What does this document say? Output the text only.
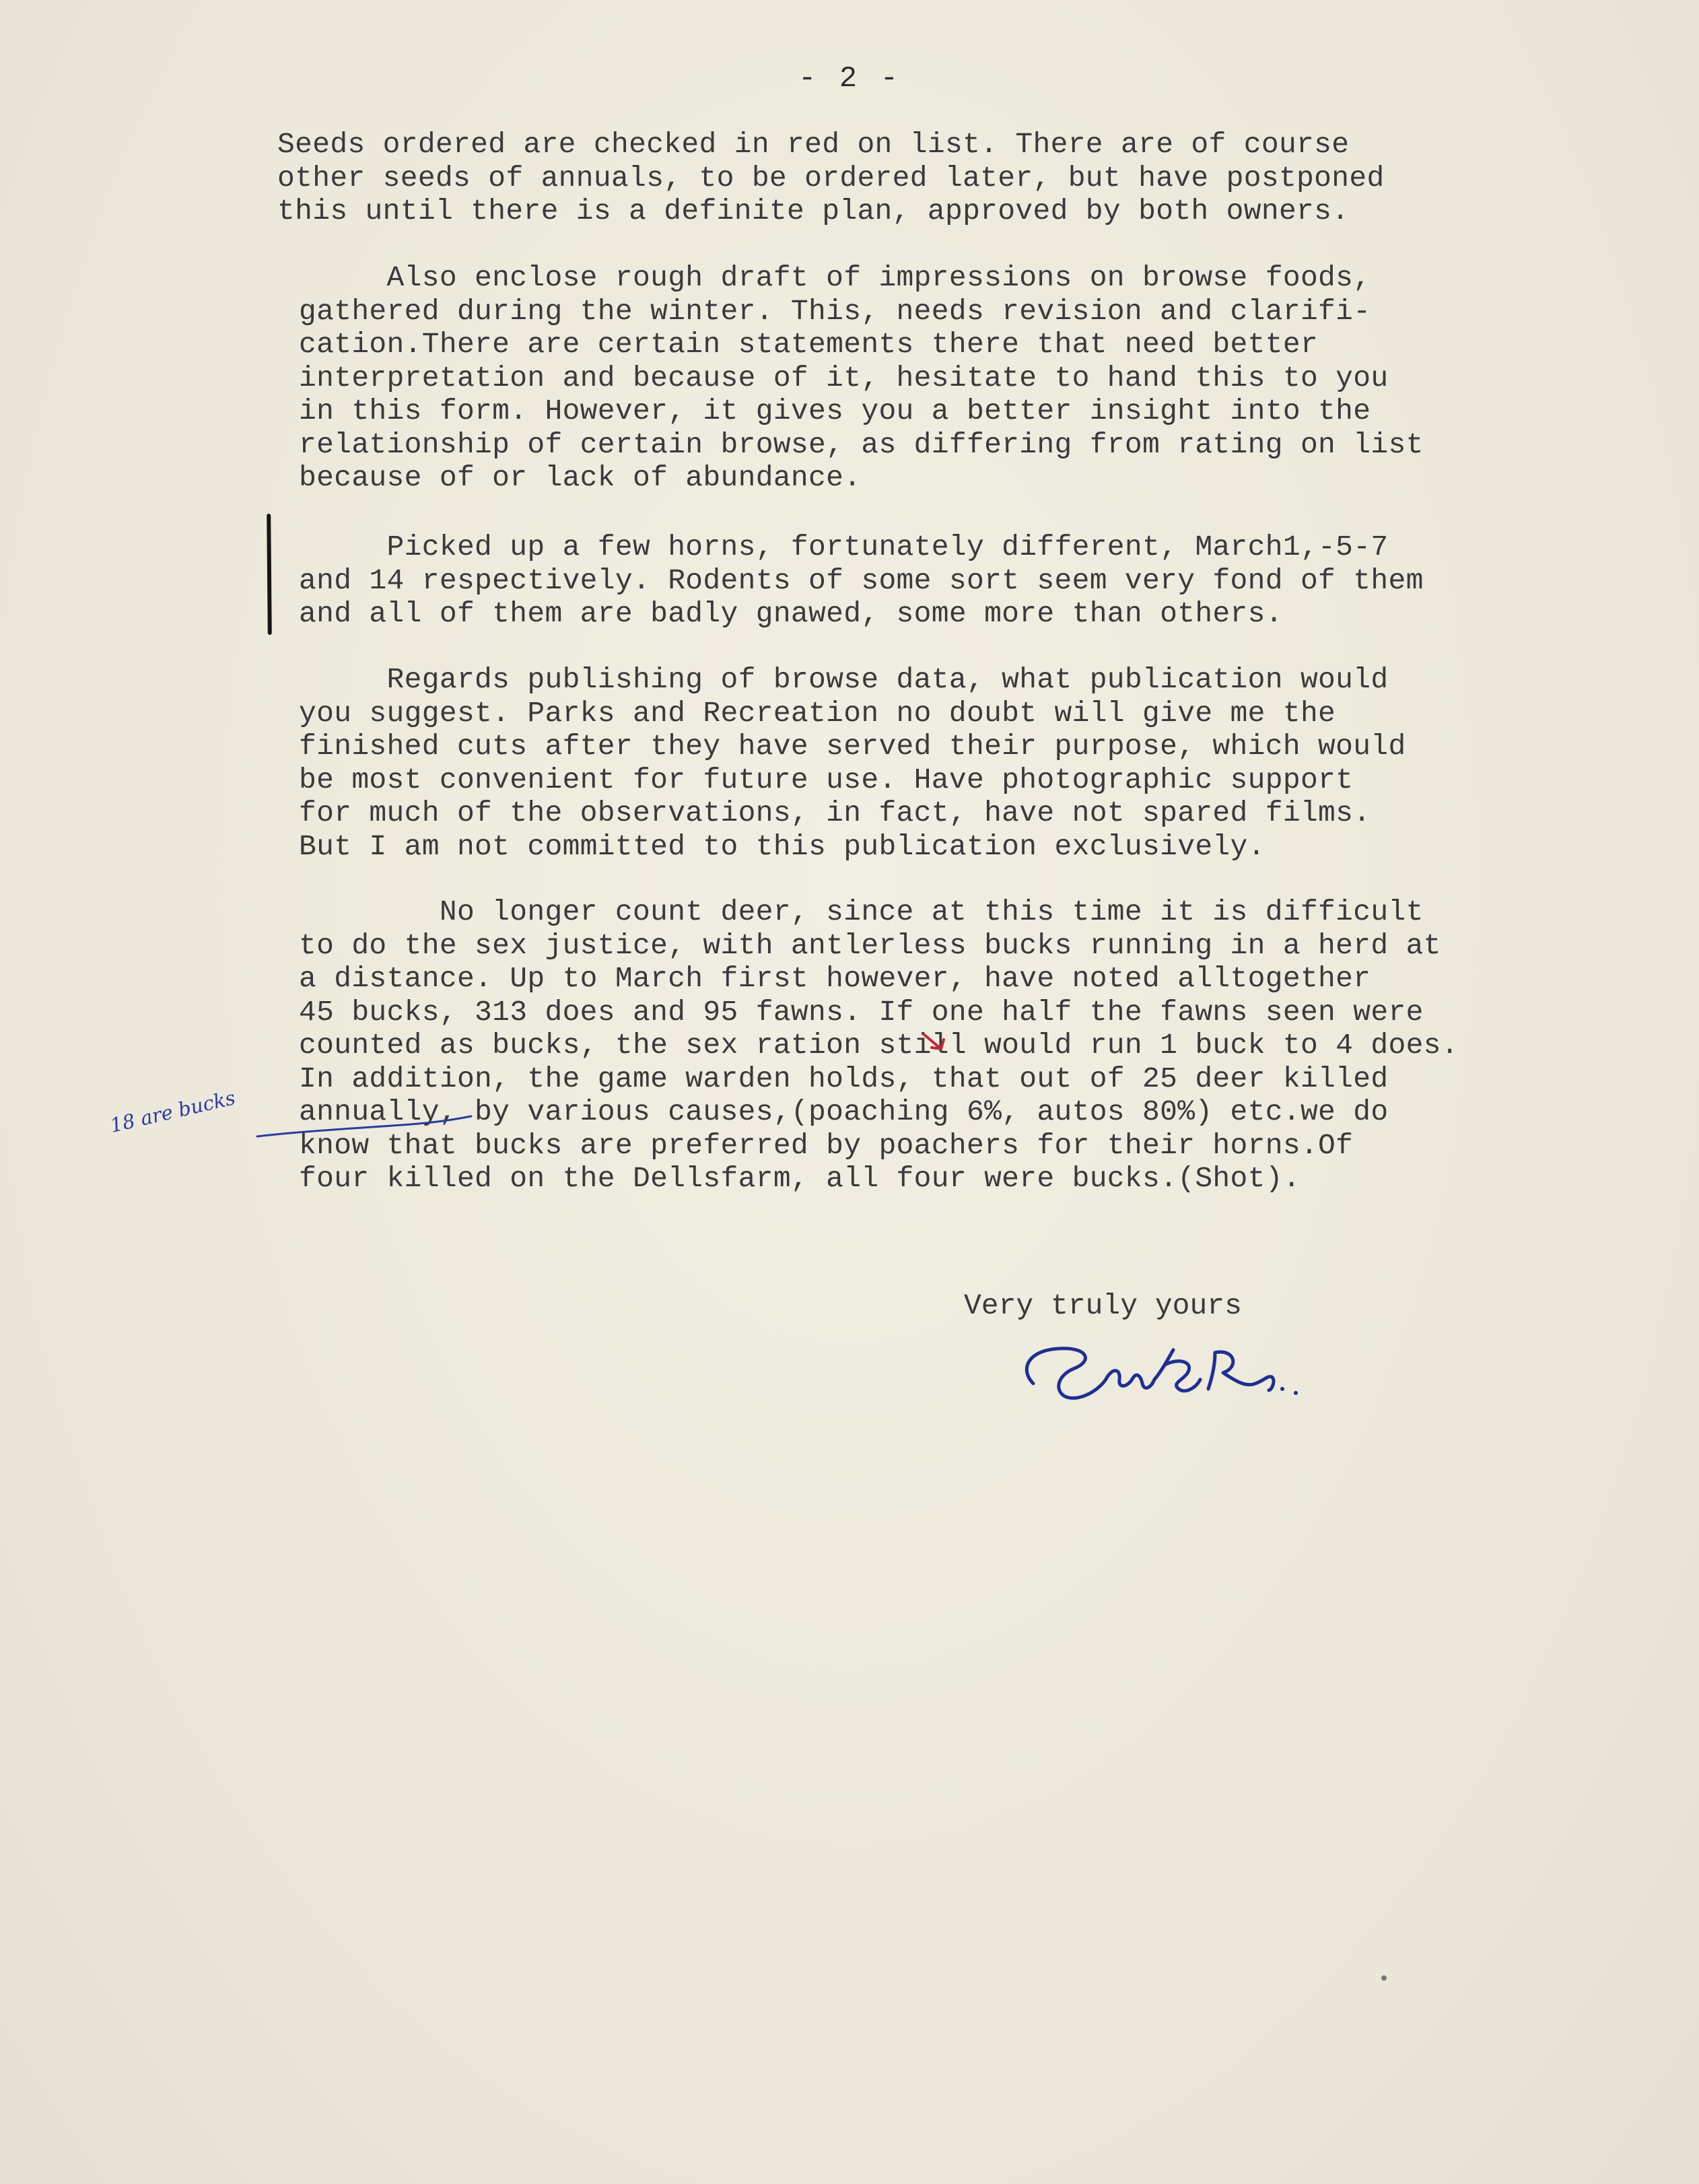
- 2 -

Seeds ordered are checked in red on list. There are of course
other seeds of annuals, to be ordered later, but have postponed
this until there is a definite plan, approved by both owners.

Also enclose rough draft of impressions on browse foods,
gathered during the winter. This, needs revision and clarifi-
cation.There are certain statements there that need better
interpretation and because of it, hesitate to hand this to you
in this form. However, it gives you a better insight into the
relationship of certain browse, as differing from rating on list
because of or lack of abundance.

Picked up a few horns, fortunately different, March1,-5-7
and 14 respectively. Rodents of some sort seem very fond of them
and all of them are badly gnawed, some more than others.

Regards publishing of browse data, what publication would
you suggest. Parks and Recreation no doubt will give me the
finished cuts after they have served their purpose, which would
be most convenient for future use. Have photographic support
for much of the observations, in fact, have not spared films.
But I am not committed to this publication exclusively.

No longer count deer, since at this time it is difficult
to do the sex justice, with antlerless bucks running in a herd at
a distance. Up to March first however, have noted alltogether
45 bucks, 313 does and 95 fawns. If one half the fawns seen were
counted as bucks, the sex ration still would run 1 buck to 4 does.
In addition, the game warden holds, that out of 25 deer killed
annually, by various causes,(poaching 6%, autos 80%) etc.we do
know that bucks are preferred by poachers for their horns.Of
four killed on the Dellsfarm, all four were bucks.(Shot).

18 are bucks
Very truly yours
